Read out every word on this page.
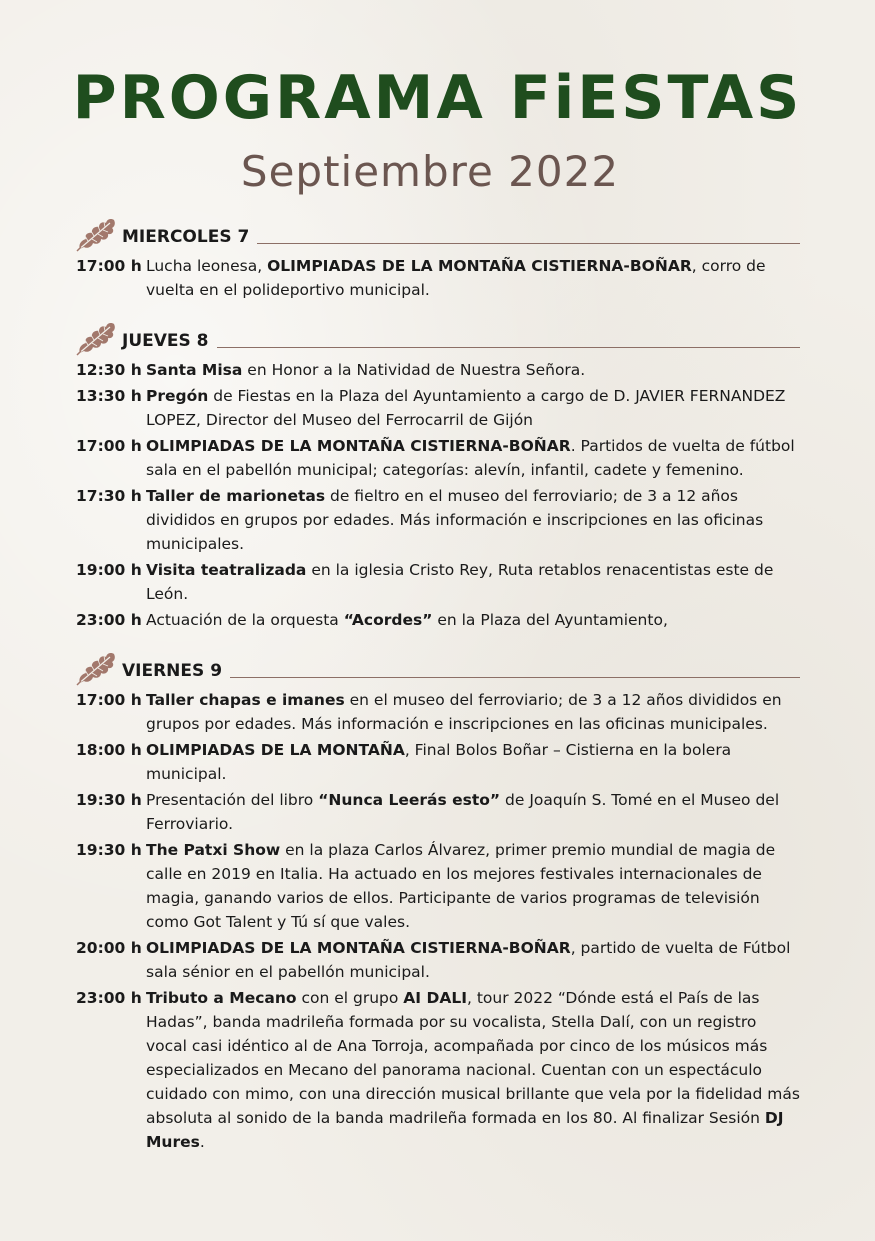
PROGRAMA FiESTAS
Septiembre 2022
MIERCOLES 7
17:00 h Lucha leonesa, OLIMPIADAS DE LA MONTAÑA CISTIERNA-BOÑAR, corro de vuelta en el polideportivo municipal.
JUEVES 8
12:30 h Santa Misa en Honor a la Natividad de Nuestra Señora.
13:30 h Pregón de Fiestas en la Plaza del Ayuntamiento a cargo de D. JAVIER FERNANDEZ LOPEZ, Director del Museo del Ferrocarril de Gijón
17:00 h OLIMPIADAS DE LA MONTAÑA CISTIERNA-BOÑAR. Partidos de vuelta de fútbol sala en el pabellón municipal; categorías: alevín, infantil, cadete y femenino.
17:30 h Taller de marionetas de fieltro en el museo del ferroviario; de 3 a 12 años divididos en grupos por edades. Más información e inscripciones en las oficinas municipales.
19:00 h Visita teatralizada en la iglesia Cristo Rey, Ruta retablos renacentistas este de León.
23:00 h Actuación de la orquesta “Acordes” en la Plaza del Ayuntamiento,
VIERNES 9
17:00 h Taller chapas e imanes en el museo del ferroviario; de 3 a 12 años divididos en grupos por edades. Más información e inscripciones en las oficinas municipales.
18:00 h OLIMPIADAS DE LA MONTAÑA, Final Bolos Boñar – Cistierna en la bolera municipal.
19:30 h Presentación del libro “Nunca Leerás esto” de Joaquín S. Tomé en el Museo del Ferroviario.
19:30 h The Patxi Show en la plaza Carlos Álvarez, primer premio mundial de magia de calle en 2019 en Italia. Ha actuado en los mejores festivales internacionales de magia, ganando varios de ellos. Participante de varios programas de televisión como Got Talent y Tú sí que vales.
20:00 h OLIMPIADAS DE LA MONTAÑA CISTIERNA-BOÑAR, partido de vuelta de Fútbol sala sénior en el pabellón municipal.
23:00 h Tributo a Mecano con el grupo AI DALI, tour 2022 “Dónde está el País de las Hadas”, banda madrileña formada por su vocalista, Stella Dalí, con un registro vocal casi idéntico al de Ana Torroja, acompañada por cinco de los músicos más especializados en Mecano del panorama nacional. Cuentan con un espectáculo cuidado con mimo, con una dirección musical brillante que vela por la fidelidad más absoluta al sonido de la banda madrileña formada en los 80. Al finalizar Sesión DJ Mures.
